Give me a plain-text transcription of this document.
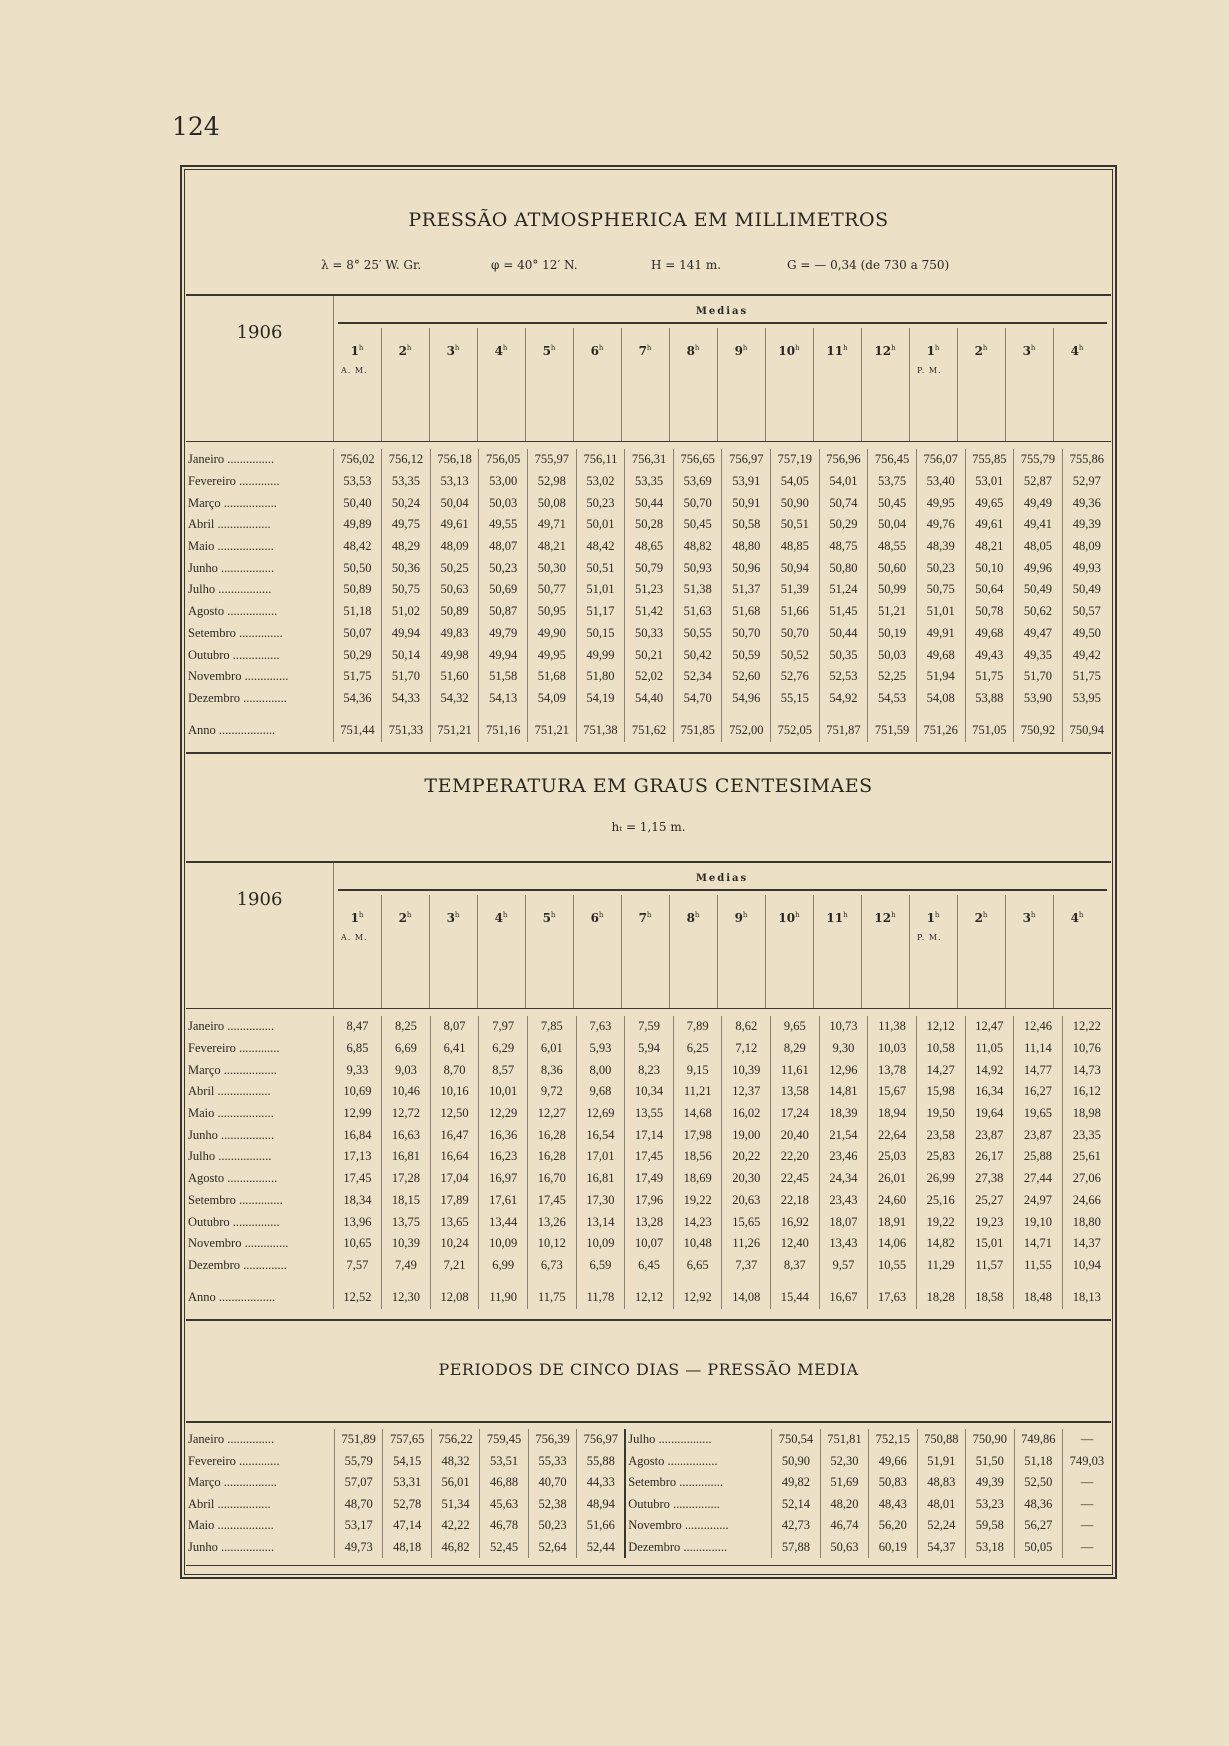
124
PRESSÃO ATMOSPHERICA EM MILLIMETROS
λ = 8° 25′ W. Gr.	φ = 40° 12′ N.	H = 141 m.	G = — 0,34 (de 730 a 750)
1906
Medias
1$^h$
A. M.
2$^h$	3$^h$	4$^h$	5$^h$	6$^h$	7$^h$	8$^h$	9$^h$	10$^h$	11$^h$	12$^h$	1$^h$
P. M.
2$^h$	3$^h$	4$^h$
Janeiro ...............	756,02	756,12	756,18	756,05	755,97	756,11	756,31	756,65	756,97	757,19	756,96	756,45	756,07	755,85	755,79	755,86
Fevereiro .............	53,53	53,35	53,13	53,00	52,98	53,02	53,35	53,69	53,91	54,05	54,01	53,75	53,40	53,01	52,87	52,97
Março .................	50,40	50,24	50,04	50,03	50,08	50,23	50,44	50,70	50,91	50,90	50,74	50,45	49,95	49,65	49,49	49,36
Abril .................	49,89	49,75	49,61	49,55	49,71	50,01	50,28	50,45	50,58	50,51	50,29	50,04	49,76	49,61	49,41	49,39
Maio ..................	48,42	48,29	48,09	48,07	48,21	48,42	48,65	48,82	48,80	48,85	48,75	48,55	48,39	48,21	48,05	48,09
Junho .................	50,50	50,36	50,25	50,23	50,30	50,51	50,79	50,93	50,96	50,94	50,80	50,60	50,23	50,10	49,96	49,93
Julho .................	50,89	50,75	50,63	50,69	50,77	51,01	51,23	51,38	51,37	51,39	51,24	50,99	50,75	50,64	50,49	50,49
Agosto ................	51,18	51,02	50,89	50,87	50,95	51,17	51,42	51,63	51,68	51,66	51,45	51,21	51,01	50,78	50,62	50,57
Setembro ..............	50,07	49,94	49,83	49,79	49,90	50,15	50,33	50,55	50,70	50,70	50,44	50,19	49,91	49,68	49,47	49,50
Outubro ...............	50,29	50,14	49,98	49,94	49,95	49,99	50,21	50,42	50,59	50,52	50,35	50,03	49,68	49,43	49,35	49,42
Novembro ..............	51,75	51,70	51,60	51,58	51,68	51,80	52,02	52,34	52,60	52,76	52,53	52,25	51,94	51,75	51,70	51,75
Dezembro ..............	54,36	54,33	54,32	54,13	54,09	54,19	54,40	54,70	54,96	55,15	54,92	54,53	54,08	53,88	53,90	53,95

Anno ..................	751,44	751,33	751,21	751,16	751,21	751,38	751,62	751,85	752,00	752,05	751,87	751,59	751,26	751,05	750,92	750,94
TEMPERATURA EM GRAUS CENTESIMAES
hₜ = 1,15 m.
1906
Medias
1$^h$
A. M.
2$^h$	3$^h$	4$^h$	5$^h$	6$^h$	7$^h$	8$^h$	9$^h$	10$^h$	11$^h$	12$^h$	1$^h$
P. M.
2$^h$	3$^h$	4$^h$
Janeiro ...............	8,47	8,25	8,07	7,97	7,85	7,63	7,59	7,89	8,62	9,65	10,73	11,38	12,12	12,47	12,46	12,22
Fevereiro .............	6,85	6,69	6,41	6,29	6,01	5,93	5,94	6,25	7,12	8,29	9,30	10,03	10,58	11,05	11,14	10,76
Março .................	9,33	9,03	8,70	8,57	8,36	8,00	8,23	9,15	10,39	11,61	12,96	13,78	14,27	14,92	14,77	14,73
Abril .................	10,69	10,46	10,16	10,01	9,72	9,68	10,34	11,21	12,37	13,58	14,81	15,67	15,98	16,34	16,27	16,12
Maio ..................	12,99	12,72	12,50	12,29	12,27	12,69	13,55	14,68	16,02	17,24	18,39	18,94	19,50	19,64	19,65	18,98
Junho .................	16,84	16,63	16,47	16,36	16,28	16,54	17,14	17,98	19,00	20,40	21,54	22,64	23,58	23,87	23,87	23,35
Julho .................	17,13	16,81	16,64	16,23	16,28	17,01	17,45	18,56	20,22	22,20	23,46	25,03	25,83	26,17	25,88	25,61
Agosto ................	17,45	17,28	17,04	16,97	16,70	16,81	17,49	18,69	20,30	22,45	24,34	26,01	26,99	27,38	27,44	27,06
Setembro ..............	18,34	18,15	17,89	17,61	17,45	17,30	17,96	19,22	20,63	22,18	23,43	24,60	25,16	25,27	24,97	24,66
Outubro ...............	13,96	13,75	13,65	13,44	13,26	13,14	13,28	14,23	15,65	16,92	18,07	18,91	19,22	19,23	19,10	18,80
Novembro ..............	10,65	10,39	10,24	10,09	10,12	10,09	10,07	10,48	11,26	12,40	13,43	14,06	14,82	15,01	14,71	14,37
Dezembro ..............	7,57	7,49	7,21	6,99	6,73	6,59	6,45	6,65	7,37	8,37	9,57	10,55	11,29	11,57	11,55	10,94

Anno ..................	12,52	12,30	12,08	11,90	11,75	11,78	12,12	12,92	14,08	15,44	16,67	17,63	18,28	18,58	18,48	18,13
PERIODOS DE CINCO DIAS — PRESSÃO MEDIA
Janeiro ...............	751,89	757,65	756,22	759,45	756,39	756,97	Julho .................	750,54	751,81	752,15	750,88	750,90	749,86	—
Fevereiro .............	55,79	54,15	48,32	53,51	55,33	55,88	Agosto ................	50,90	52,30	49,66	51,91	51,50	51,18	749,03
Março .................	57,07	53,31	56,01	46,88	40,70	44,33	Setembro ..............	49,82	51,69	50,83	48,83	49,39	52,50	—
Abril .................	48,70	52,78	51,34	45,63	52,38	48,94	Outubro ...............	52,14	48,20	48,43	48,01	53,23	48,36	—
Maio ..................	53,17	47,14	42,22	46,78	50,23	51,66	Novembro ..............	42,73	46,74	56,20	52,24	59,58	56,27	—
Junho .................	49,73	48,18	46,82	52,45	52,64	52,44	Dezembro ..............	57,88	50,63	60,19	54,37	53,18	50,05	—
